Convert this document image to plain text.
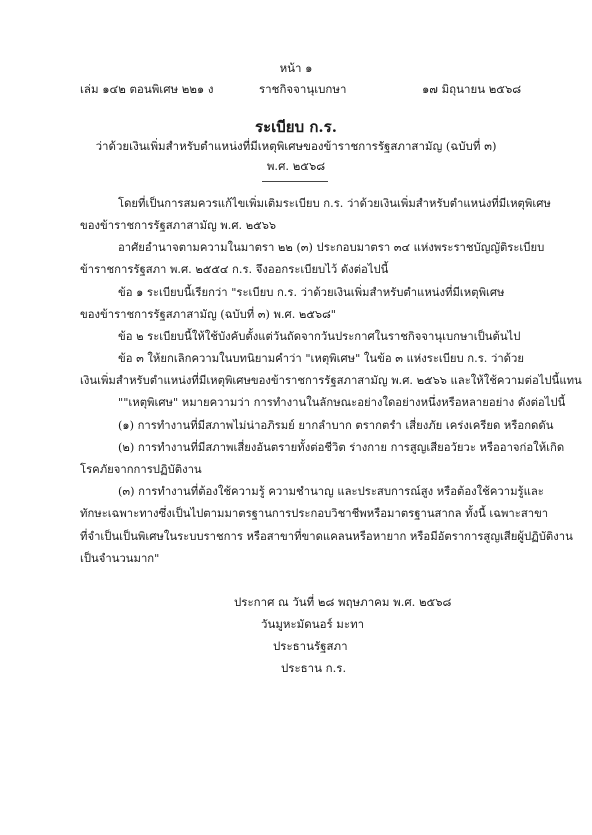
หน้า ๑
เล่ม ๑๔๒ ตอนพิเศษ ๒๒๑ ง	ราชกิจจานุเบกษา	๑๗ มิถุนายน ๒๕๖๘
ระเบียบ ก.ร.
ว่าด้วยเงินเพิ่มสำหรับตำแหน่งที่มีเหตุพิเศษของข้าราชการรัฐสภาสามัญ (ฉบับที่ ๓)
พ.ศ. ๒๕๖๘
โดยที่เป็นการสมควรแก้ไขเพิ่มเติมระเบียบ ก.ร. ว่าด้วยเงินเพิ่มสำหรับตำแหน่งที่มีเหตุพิเศษ
ของข้าราชการรัฐสภาสามัญ พ.ศ. ๒๕๖๖
อาศัยอำนาจตามความในมาตรา ๒๒ (๓) ประกอบมาตรา ๓๔ แห่งพระราชบัญญัติระเบียบ
ข้าราชการรัฐสภา พ.ศ. ๒๕๕๔ ก.ร. จึงออกระเบียบไว้ ดังต่อไปนี้
ข้อ ๑ ระเบียบนี้เรียกว่า "ระเบียบ ก.ร. ว่าด้วยเงินเพิ่มสำหรับตำแหน่งที่มีเหตุพิเศษ
ของข้าราชการรัฐสภาสามัญ (ฉบับที่ ๓) พ.ศ. ๒๕๖๘"
ข้อ ๒ ระเบียบนี้ให้ใช้บังคับตั้งแต่วันถัดจากวันประกาศในราชกิจจานุเบกษาเป็นต้นไป
ข้อ ๓ ให้ยกเลิกความในบทนิยามคำว่า "เหตุพิเศษ" ในข้อ ๓ แห่งระเบียบ ก.ร. ว่าด้วย
เงินเพิ่มสำหรับตำแหน่งที่มีเหตุพิเศษของข้าราชการรัฐสภาสามัญ พ.ศ. ๒๕๖๖ และให้ใช้ความต่อไปนี้แทน
""เหตุพิเศษ" หมายความว่า การทำงานในลักษณะอย่างใดอย่างหนึ่งหรือหลายอย่าง ดังต่อไปนี้
(๑) การทำงานที่มีสภาพไม่น่าอภิรมย์ ยากลำบาก ตรากตรำ เสี่ยงภัย เคร่งเครียด หรือกดดัน
(๒) การทำงานที่มีสภาพเสี่ยงอันตรายทั้งต่อชีวิต ร่างกาย การสูญเสียอวัยวะ หรืออาจก่อให้เกิด
โรคภัยจากการปฏิบัติงาน
(๓) การทำงานที่ต้องใช้ความรู้ ความชำนาญ และประสบการณ์สูง หรือต้องใช้ความรู้และ
ทักษะเฉพาะทางซึ่งเป็นไปตามมาตรฐานการประกอบวิชาชีพหรือมาตรฐานสากล ทั้งนี้ เฉพาะสาขา
ที่จำเป็นเป็นพิเศษในระบบราชการ หรือสาขาที่ขาดแคลนหรือหายาก หรือมีอัตราการสูญเสียผู้ปฏิบัติงาน
เป็นจำนวนมาก"
ประกาศ ณ วันที่ ๒๘ พฤษภาคม พ.ศ. ๒๕๖๘
วันมูหะมัดนอร์ มะทา
ประธานรัฐสภา
ประธาน ก.ร.
